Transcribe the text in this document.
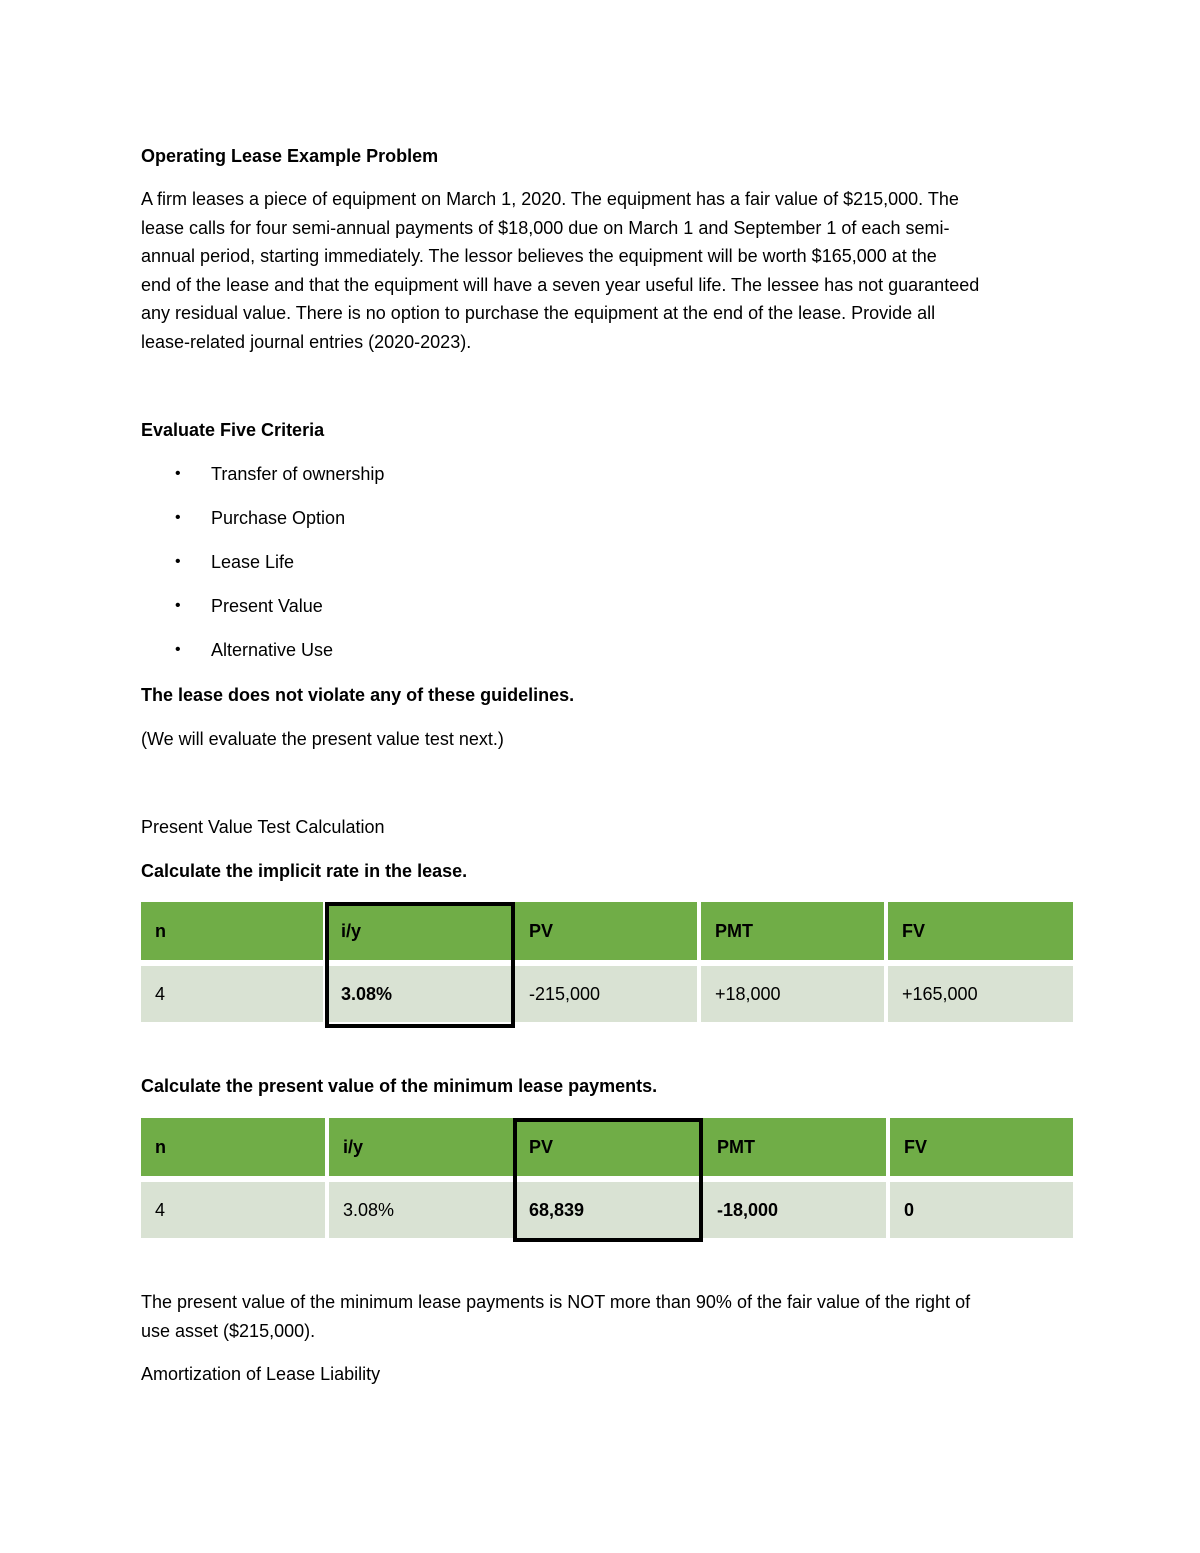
Operating Lease Example Problem
A firm leases a piece of equipment on March 1, 2020. The equipment has a fair value of $215,000. The
lease calls for four semi-annual payments of $18,000 due on March 1 and September 1 of each semi-
annual period, starting immediately. The lessor believes the equipment will be worth $165,000 at the
end of the lease and that the equipment will have a seven year useful life. The lessee has not guaranteed
any residual value. There is no option to purchase the equipment at the end of the lease. Provide all
lease-related journal entries (2020-2023).
Evaluate Five Criteria
• Transfer of ownership
• Purchase Option
• Lease Life
• Present Value
• Alternative Use
The lease does not violate any of these guidelines.
(We will evaluate the present value test next.)
Present Value Test Calculation
Calculate the implicit rate in the lease.
n	i/y	PV	PMT	FV
4	3.08%	-215,000	+18,000	+165,000
Calculate the present value of the minimum lease payments.
n	i/y	PV	PMT	FV
4	3.08%	68,839	-18,000	0
The present value of the minimum lease payments is NOT more than 90% of the fair value of the right of
use asset ($215,000).
Amortization of Lease Liability
